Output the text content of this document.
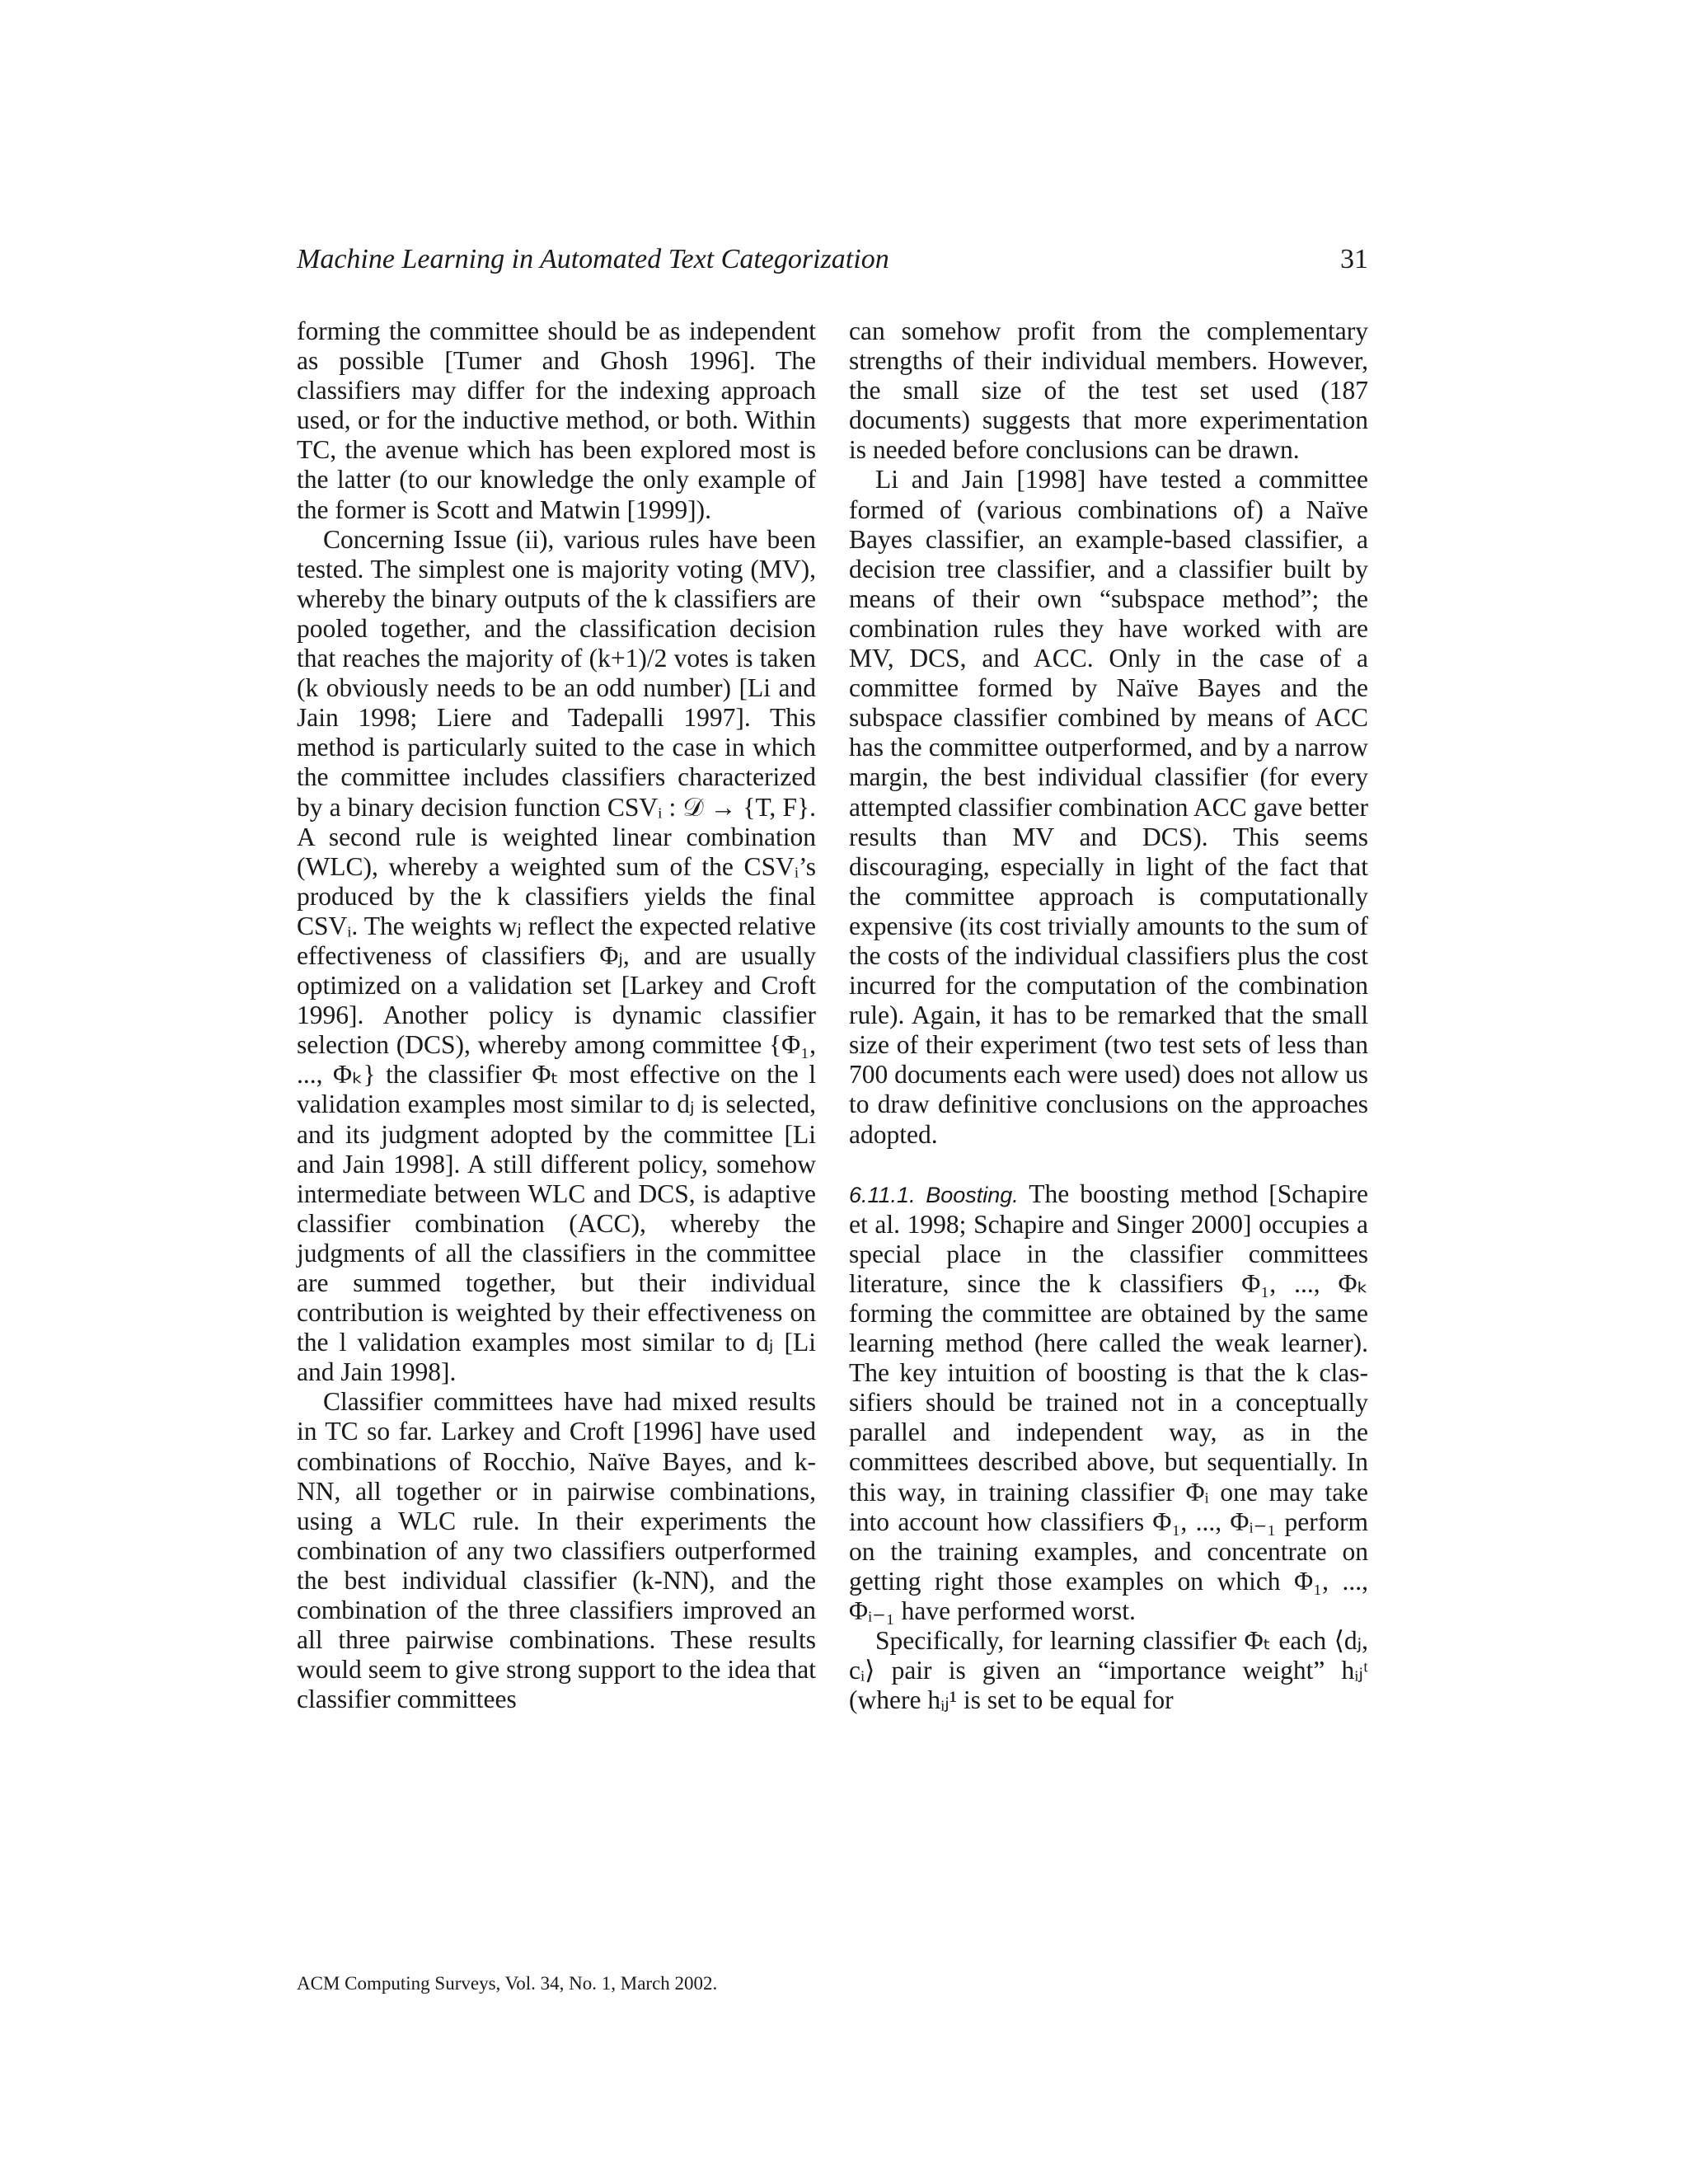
Machine Learning in Automated Text Categorization	31

forming the committee should be as independent as possible [Tumer and Ghosh 1996]. The classifiers may differ for the indexing approach used, or for the inductive method, or both. Within TC, the avenue which has been explored most is the latter (to our knowledge the only example of the former is Scott and Matwin [1999]).

Concerning Issue (ii), various rules have been tested. The simplest one is majority voting (MV), whereby the binary outputs of the k classifiers are pooled together, and the classification decision that reaches the majority of (k+1)/2 votes is taken (k obviously needs to be an odd number) [Li and Jain 1998; Liere and Tadepalli 1997]. This method is particularly suited to the case in which the committee includes classifiers characterized by a binary decision function CSVᵢ : 𝒟 → {T, F}. A second rule is weighted linear combination (WLC), whereby a weighted sum of the CSVᵢ’s produced by the k classifiers yields the final CSVᵢ. The weights wⱼ reflect the expected relative effectiveness of classifiers Φⱼ, and are usually optimized on a validation set [Larkey and Croft 1996]. Another policy is dynamic classifier selection (DCS), whereby among committee {Φ₁, ..., Φₖ} the classifier Φₜ most effective on the l validation examples most similar to dⱼ is selected, and its judgment adopted by the committee [Li and Jain 1998]. A still different policy, somehow intermediate between WLC and DCS, is adaptive classifier combination (ACC), whereby the judgments of all the classifiers in the committee are summed together, but their individual contribution is weighted by their effectiveness on the l validation examples most similar to dⱼ [Li and Jain 1998].

Classifier committees have had mixed results in TC so far. Larkey and Croft [1996] have used combinations of Rocchio, Naïve Bayes, and k-NN, all together or in pairwise combinations, using a WLC rule. In their experiments the combination of any two classifiers outperformed the best individual classifier (k-NN), and the combination of the three classifiers improved an all three pairwise combinations. These results would seem to give strong support to the idea that classifier committees

can somehow profit from the complementary strengths of their individual members. However, the small size of the test set used (187 documents) suggests that more experimentation is needed before conclusions can be drawn.

Li and Jain [1998] have tested a committee formed of (various combinations of) a Naïve Bayes classifier, an example-based classifier, a decision tree classifier, and a classifier built by means of their own “subspace method”; the combination rules they have worked with are MV, DCS, and ACC. Only in the case of a committee formed by Naïve Bayes and the subspace classifier combined by means of ACC has the committee outperformed, and by a narrow margin, the best individual classifier (for every attempted classifier combination ACC gave better results than MV and DCS). This seems discouraging, especially in light of the fact that the committee approach is computationally expensive (its cost trivially amounts to the sum of the costs of the individual classifiers plus the cost incurred for the computation of the combination rule). Again, it has to be remarked that the small size of their experiment (two test sets of less than 700 documents each were used) does not allow us to draw definitive conclusions on the approaches adopted.

6.11.1. Boosting. The boosting method [Schapire et al. 1998; Schapire and Singer 2000] occupies a special place in the classifier committees literature, since the k classifiers Φ₁, ..., Φₖ forming the committee are obtained by the same learning method (here called the weak learner). The key intuition of boosting is that the k classifiers should be trained not in a conceptually parallel and independent way, as in the committees described above, but sequentially. In this way, in training classifier Φᵢ one may take into account how classifiers Φ₁, ..., Φᵢ₋₁ perform on the training examples, and concentrate on getting right those examples on which Φ₁, ..., Φᵢ₋₁ have performed worst.

Specifically, for learning classifier Φₜ each ⟨dⱼ, cᵢ⟩ pair is given an “importance weight” hᵢⱼᵗ (where hᵢⱼ¹ is set to be equal for

ACM Computing Surveys, Vol. 34, No. 1, March 2002.
